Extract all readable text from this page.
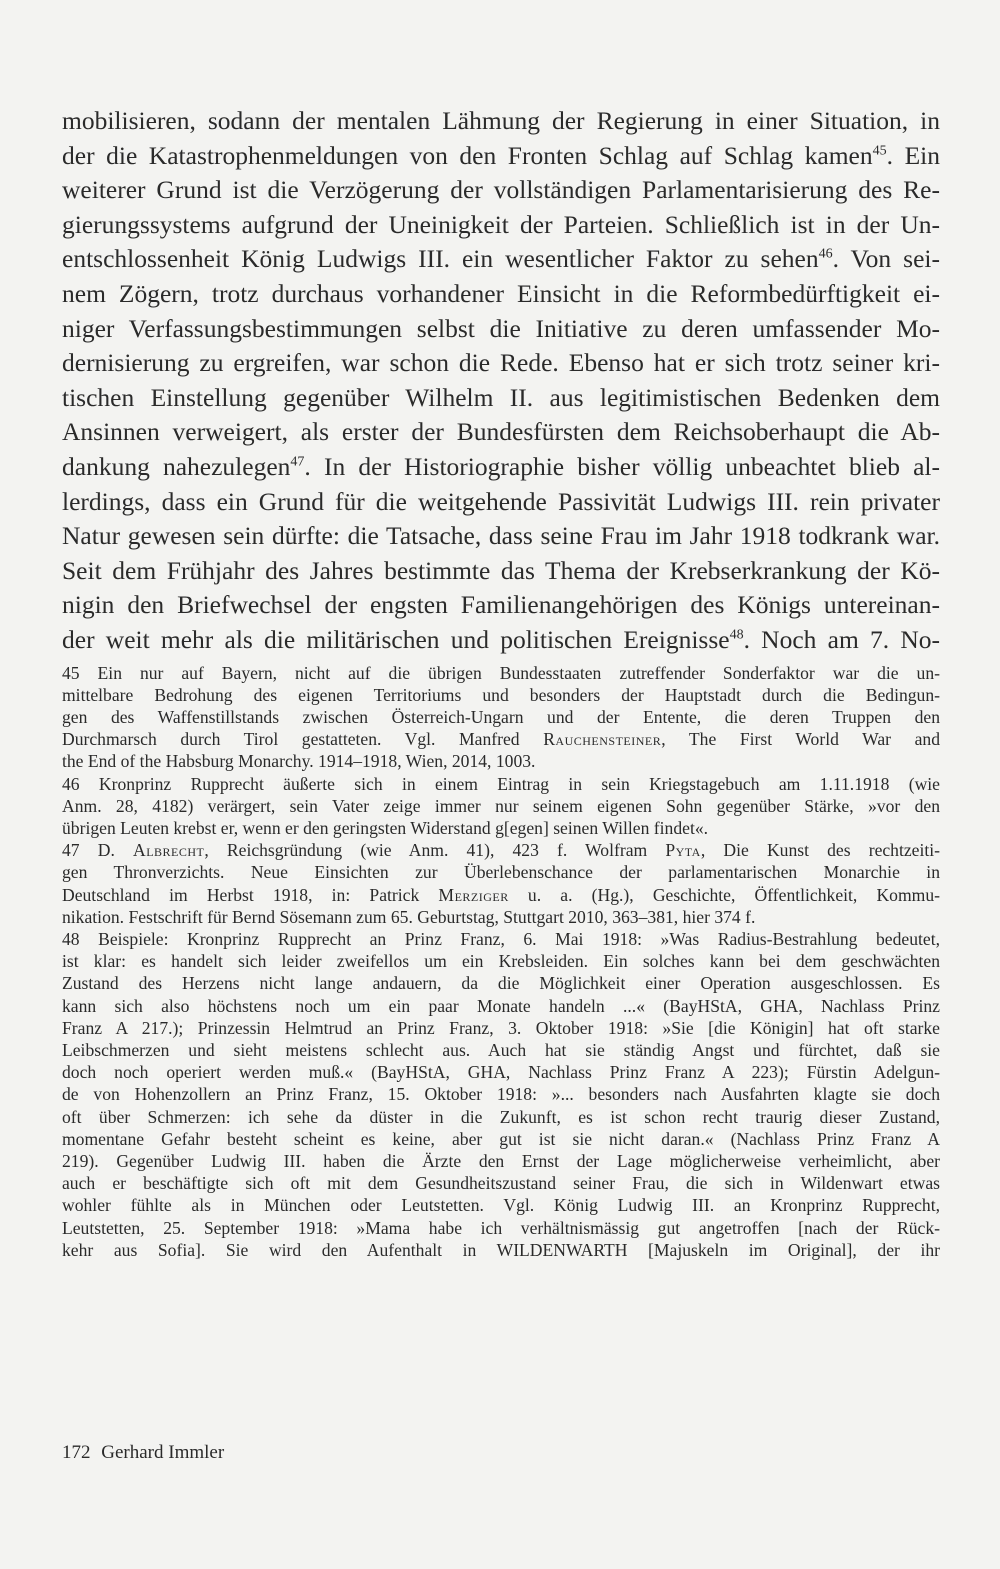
mobilisieren, sodann der mentalen Lähmung der Regierung in einer Situation, in
der die Katastrophenmeldungen von den Fronten Schlag auf Schlag kamen$^{45}$. Ein
weiterer Grund ist die Verzögerung der vollständigen Parlamentarisierung des Re-
gierungssystems aufgrund der Uneinigkeit der Parteien. Schließlich ist in der Un-
entschlossenheit König Ludwigs III. ein wesentlicher Faktor zu sehen$^{46}$. Von sei-
nem Zögern, trotz durchaus vorhandener Einsicht in die Reformbedürftigkeit ei-
niger Verfassungsbestimmungen selbst die Initiative zu deren umfassender Mo-
dernisierung zu ergreifen, war schon die Rede. Ebenso hat er sich trotz seiner kri-
tischen Einstellung gegenüber Wilhelm II. aus legitimistischen Bedenken dem
Ansinnen verweigert, als erster der Bundesfürsten dem Reichsoberhaupt die Ab-
dankung nahezulegen$^{47}$. In der Historiographie bisher völlig unbeachtet blieb al-
lerdings, dass ein Grund für die weitgehende Passivität Ludwigs III. rein privater
Natur gewesen sein dürfte: die Tatsache, dass seine Frau im Jahr 1918 todkrank war.
Seit dem Frühjahr des Jahres bestimmte das Thema der Krebserkrankung der Kö-
nigin den Briefwechsel der engsten Familienangehörigen des Königs untereinan-
der weit mehr als die militärischen und politischen Ereignisse$^{48}$. Noch am 7. No-
45 Ein nur auf Bayern, nicht auf die übrigen Bundesstaaten zutreffender Sonderfaktor war die un-
mittelbare Bedrohung des eigenen Territoriums und besonders der Hauptstadt durch die Bedingun-
gen des Waffenstillstands zwischen Österreich-Ungarn und der Entente, die deren Truppen den
Durchmarsch durch Tirol gestatteten. Vgl. Manfred Rauchensteiner, The First World War and
the End of the Habsburg Monarchy. 1914–1918, Wien, 2014, 1003.
46 Kronprinz Rupprecht äußerte sich in einem Eintrag in sein Kriegstagebuch am 1.11.1918 (wie
Anm. 28, 4182) verärgert, sein Vater zeige immer nur seinem eigenen Sohn gegenüber Stärke, »vor den
übrigen Leuten krebst er, wenn er den geringsten Widerstand g[egen] seinen Willen findet«.
47 D. Albrecht, Reichsgründung (wie Anm. 41), 423 f. Wolfram Pyta, Die Kunst des rechtzeiti-
gen Thronverzichts. Neue Einsichten zur Überlebenschance der parlamentarischen Monarchie in
Deutschland im Herbst 1918, in: Patrick Merziger u. a. (Hg.), Geschichte, Öffentlichkeit, Kommu-
nikation. Festschrift für Bernd Sösemann zum 65. Geburtstag, Stuttgart 2010, 363–381, hier 374 f.
48 Beispiele: Kronprinz Rupprecht an Prinz Franz, 6. Mai 1918: »Was Radius-Bestrahlung bedeutet,
ist klar: es handelt sich leider zweifellos um ein Krebsleiden. Ein solches kann bei dem geschwächten
Zustand des Herzens nicht lange andauern, da die Möglichkeit einer Operation ausgeschlossen. Es
kann sich also höchstens noch um ein paar Monate handeln ...« (BayHStA, GHA, Nachlass Prinz
Franz A 217.); Prinzessin Helmtrud an Prinz Franz, 3. Oktober 1918: »Sie [die Königin] hat oft starke
Leibschmerzen und sieht meistens schlecht aus. Auch hat sie ständig Angst und fürchtet, daß sie
doch noch operiert werden muß.« (BayHStA, GHA, Nachlass Prinz Franz A 223); Fürstin Adelgun-
de von Hohenzollern an Prinz Franz, 15. Oktober 1918: »... besonders nach Ausfahrten klagte sie doch
oft über Schmerzen: ich sehe da düster in die Zukunft, es ist schon recht traurig dieser Zustand,
momentane Gefahr besteht scheint es keine, aber gut ist sie nicht daran.« (Nachlass Prinz Franz A
219). Gegenüber Ludwig III. haben die Ärzte den Ernst der Lage möglicherweise verheimlicht, aber
auch er beschäftigte sich oft mit dem Gesundheitszustand seiner Frau, die sich in Wildenwart etwas
wohler fühlte als in München oder Leutstetten. Vgl. König Ludwig III. an Kronprinz Rupprecht,
Leutstetten, 25. September 1918: »Mama habe ich verhältnismässig gut angetroffen [nach der Rück-
kehr aus Sofia]. Sie wird den Aufenthalt in WILDENWARTH [Majuskeln im Original], der ihr
172 Gerhard Immler
